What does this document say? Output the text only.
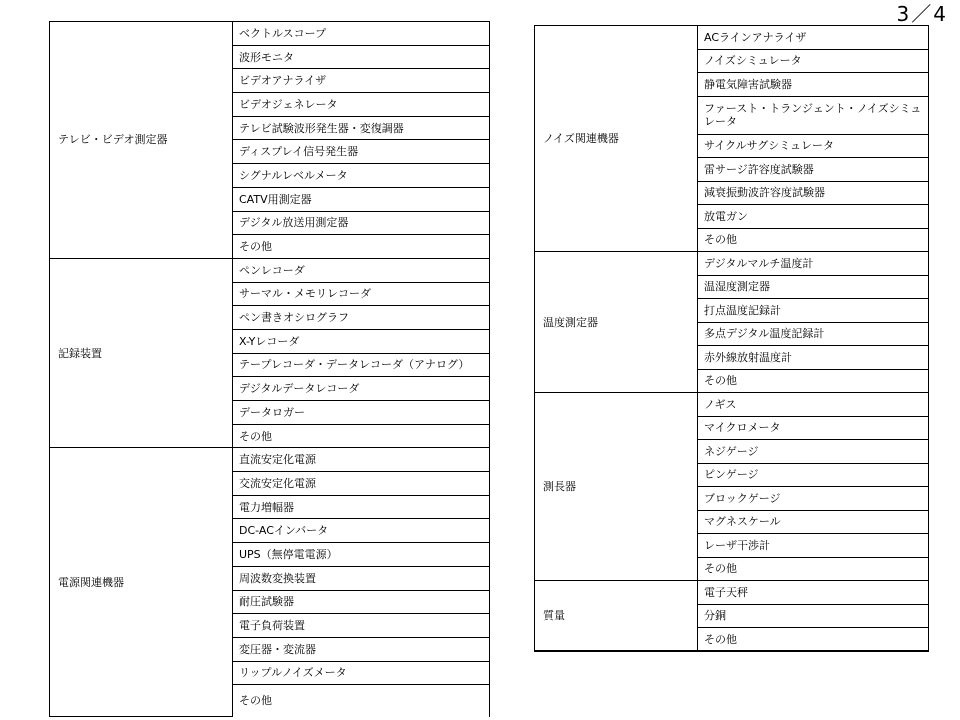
3／4
テレビ・ビデオ測定器	ベクトルスコープ
	波形モニタ
	ビデオアナライザ
	ビデオジェネレータ
	テレビ試験波形発生器・変復調器
	ディスプレイ信号発生器
	シグナルレベルメータ
	CATV用測定器
	デジタル放送用測定器
	その他
記録装置	ペンレコーダ
	サーマル・メモリレコーダ
	ペン書きオシログラフ
	X-Yレコーダ
	テープレコーダ・データレコーダ（アナログ）
	デジタルデータレコーダ
	データロガー
	その他
電源関連機器	直流安定化電源
	交流安定化電源
	電力増幅器
	DC-ACインバータ
	UPS（無停電電源）
	周波数変換装置
	耐圧試験器
	電子負荷装置
	変圧器・変流器
	リップルノイズメータ
	その他
ノイズ関連機器	ACラインアナライザ
	ノイズシミュレータ
	静電気障害試験器
	ファースト・トランジェント・ノイズシミュレータ
	サイクルサグシミュレータ
	雷サージ許容度試験器
	減衰振動波許容度試験器
	放電ガン
	その他
温度測定器	デジタルマルチ温度計
	温湿度測定器
	打点温度記録計
	多点デジタル温度記録計
	赤外線放射温度計
	その他
測長器	ノギス
	マイクロメータ
	ネジゲージ
	ピンゲージ
	ブロックゲージ
	マグネスケール
	レーザ干渉計
	その他
質量	電子天秤
	分銅
	その他
